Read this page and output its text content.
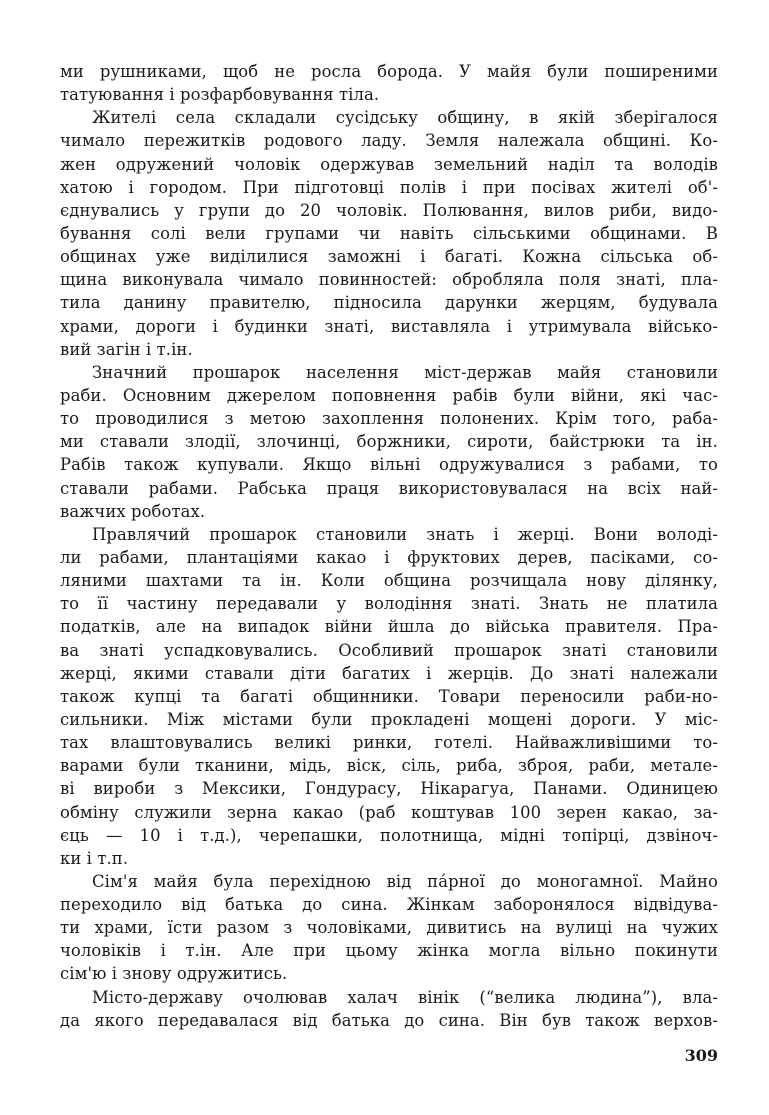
ми рушниками, щоб не росла борода. У майя були поширеними
татуювання і розфарбовування тіла.
Жителі села складали сусідську общину, в якій зберігалося
чимало пережитків родового ладу. Земля належала общині. Ко-
жен одружений чоловік одержував земельний наділ та володів
хатою і городом. При підготовці полів і при посівах жителі об'-
єднувались у групи до 20 чоловік. Полювання, вилов риби, видо-
бування солі вели групами чи навіть сільськими общинами. В
общинах уже виділилися заможні і багаті. Кожна сільська об-
щина виконувала чимало повинностей: обробляла поля знаті, пла-
тила данину правителю, підносила дарунки жерцям, будувала
храми, дороги і будинки знаті, виставляла і утримувала військо-
вий загін і т.ін.
Значний прошарок населення міст-держав майя становили
раби. Основним джерелом поповнення рабів були війни, які час-
то проводилися з метою захоплення полонених. Крім того, раба-
ми ставали злодії, злочинці, боржники, сироти, байстрюки та ін.
Рабів також купували. Якщо вільні одружувалися з рабами, то
ставали рабами. Рабська праця використовувалася на всіх най-
важчих роботах.
Правлячий прошарок становили знать і жерці. Вони володі-
ли рабами, плантаціями какао і фруктових дерев, пасіками, со-
ляними шахтами та ін. Коли община розчищала нову ділянку,
то її частину передавали у володіння знаті. Знать не платила
податків, але на випадок війни йшла до війська правителя. Пра-
ва знаті успадковувались. Особливий прошарок знаті становили
жерці, якими ставали діти багатих і жерців. До знаті належали
також купці та багаті общинники. Товари переносили раби-но-
сильники. Між містами були прокладені мощені дороги. У міс-
тах влаштовувались великі ринки, готелі. Найважливішими то-
варами були тканини, мідь, віск, сіль, риба, зброя, раби, метале-
ві вироби з Мексики, Гондурасу, Нікарагуа, Панами. Одиницею
обміну служили зерна какао (раб коштував 100 зерен какао, за-
єць — 10 і т.д.), черепашки, полотнища, мідні топірці, дзвіноч-
ки і т.п.
Сім'я майя була перехідною від па́рної до моногамної. Майно
переходило від батька до сина. Жінкам заборонялося відвідува-
ти храми, їсти разом з чоловіками, дивитись на вулиці на чужих
чоловіків і т.ін. Але при цьому жінка могла вільно покинути
сім'ю і знову одружитись.
Місто-державу очолював халач вінік (“велика людина”), вла-
да якого передавалася від батька до сина. Він був також верхов-
309
